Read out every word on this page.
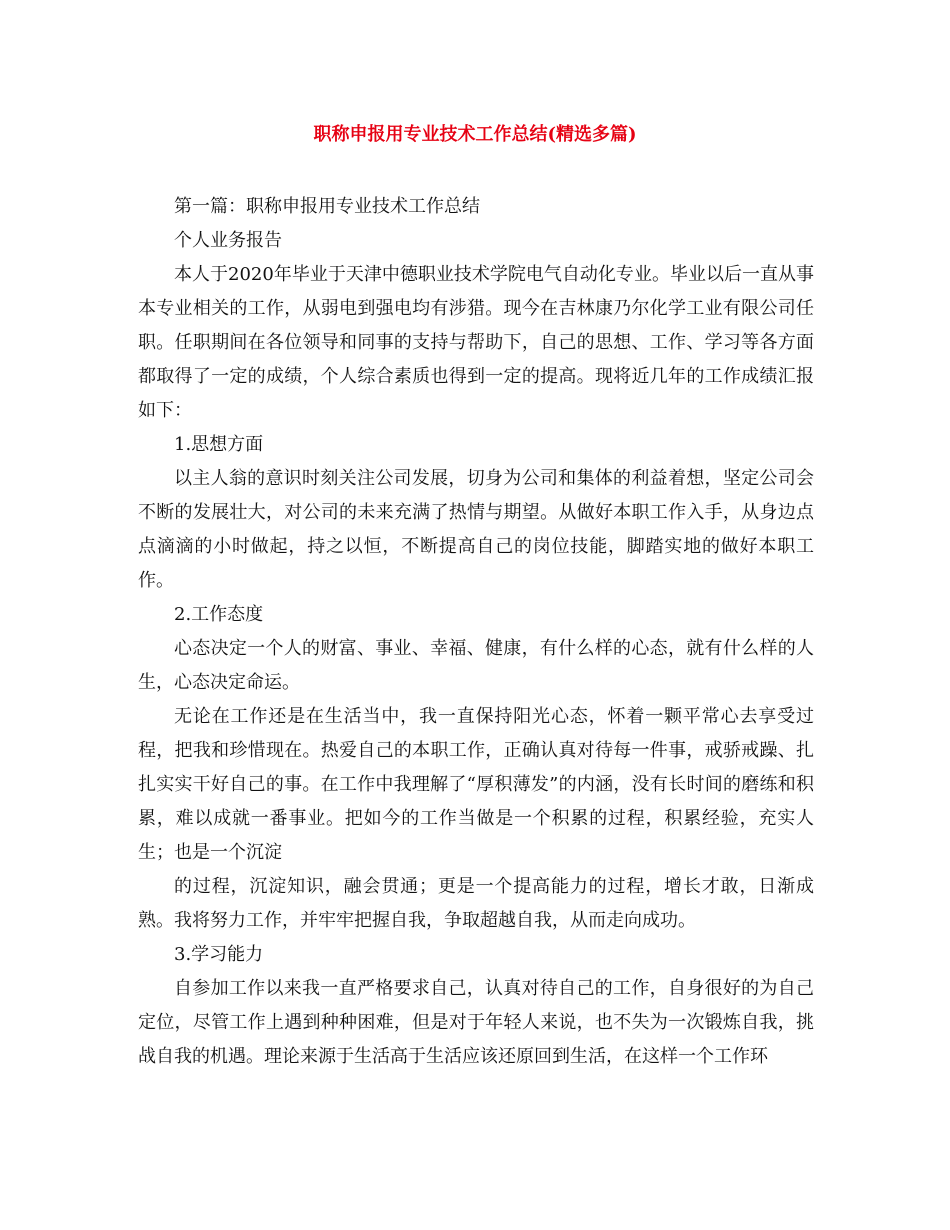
职称申报用专业技术工作总结(精选多篇)

第一篇：职称申报用专业技术工作总结

个人业务报告

本人于2020年毕业于天津中德职业技术学院电气自动化专业。毕业以后一直从事本专业相关的工作，从弱电到强电均有涉猎。现今在吉林康乃尔化学工业有限公司任职。任职期间在各位领导和同事的支持与帮助下，自己的思想、工作、学习等各方面都取得了一定的成绩，个人综合素质也得到一定的提高。现将近几年的工作成绩汇报如下：

1.思想方面

以主人翁的意识时刻关注公司发展，切身为公司和集体的利益着想，坚定公司会不断的发展壮大，对公司的未来充满了热情与期望。从做好本职工作入手，从身边点点滴滴的小时做起，持之以恒，不断提高自己的岗位技能，脚踏实地的做好本职工作。

2.工作态度

心态决定一个人的财富、事业、幸福、健康，有什么样的心态，就有什么样的人生，心态决定命运。

无论在工作还是在生活当中，我一直保持阳光心态，怀着一颗平常心去享受过程，把我和珍惜现在。热爱自己的本职工作，正确认真对待每一件事，戒骄戒躁、扎扎实实干好自己的事。在工作中我理解了“厚积薄发”的内涵，没有长时间的磨练和积累，难以成就一番事业。把如今的工作当做是一个积累的过程，积累经验，充实人生；也是一个沉淀

的过程，沉淀知识，融会贯通；更是一个提高能力的过程，增长才敢，日渐成熟。我将努力工作，并牢牢把握自我，争取超越自我，从而走向成功。

3.学习能力

自参加工作以来我一直严格要求自己，认真对待自己的工作，自身很好的为自己定位，尽管工作上遇到种种困难，但是对于年轻人来说，也不失为一次锻炼自我，挑战自我的机遇。理论来源于生活高于生活应该还原回到生活，在这样一个工作环
